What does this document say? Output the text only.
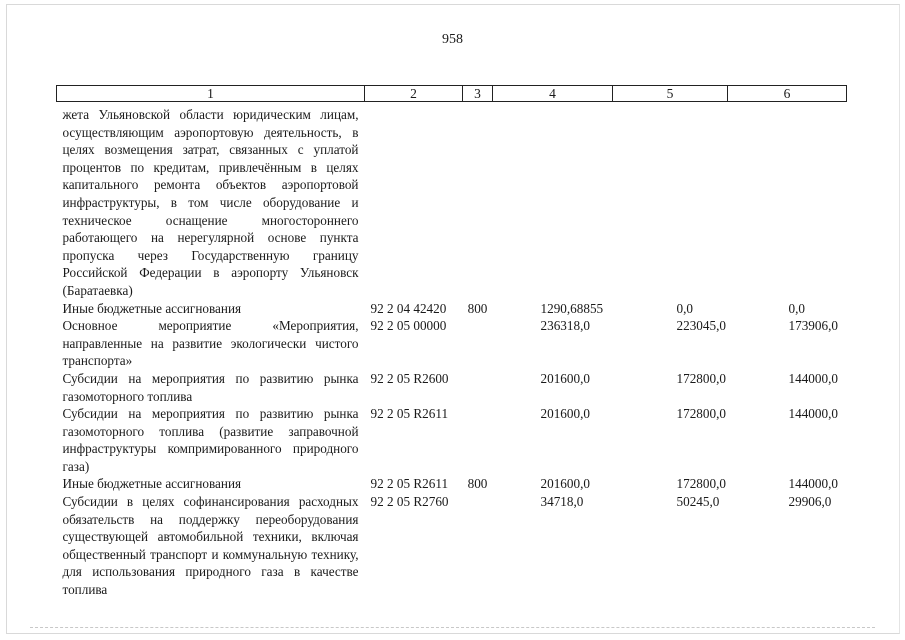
958
1	2	3	4	5	6

жета Ульяновской области юридическим лицам, осуществляющим аэропортовую деятельность, в целях возмещения затрат, связанных с уплатой процентов по кредитам, привлечённым в целях капитального ремонта объектов аэропортовой инфраструктуры, в том числе оборудование и техническое оснащение многостороннего работающего на нерегулярной основе пункта пропуска через Государственную границу Российской Федерации в аэропорту Ульяновск (Баратаевка)					
Иные бюджетные ассигнования	92 2 04 42420	800	1290,68855	0,0	0,0
Основное мероприятие «Мероприятия, направленные на развитие экологически чистого транспорта»	92 2 05 00000		236318,0	223045,0	173906,0
Субсидии на мероприятия по развитию рынка газомоторного топлива	92 2 05 R2600		201600,0	172800,0	144000,0
Субсидии на мероприятия по развитию рынка газомоторного топлива (развитие заправочной инфраструктуры компримированного природного газа)	92 2 05 R2611		201600,0	172800,0	144000,0
Иные бюджетные ассигнования	92 2 05 R2611	800	201600,0	172800,0	144000,0
Субсидии в целях софинансирования расходных обязательств на поддержку переоборудования существующей автомобильной техники, включая общественный транспорт и коммунальную технику, для использования природного газа в качестве топлива	92 2 05 R2760		34718,0	50245,0	29906,0
